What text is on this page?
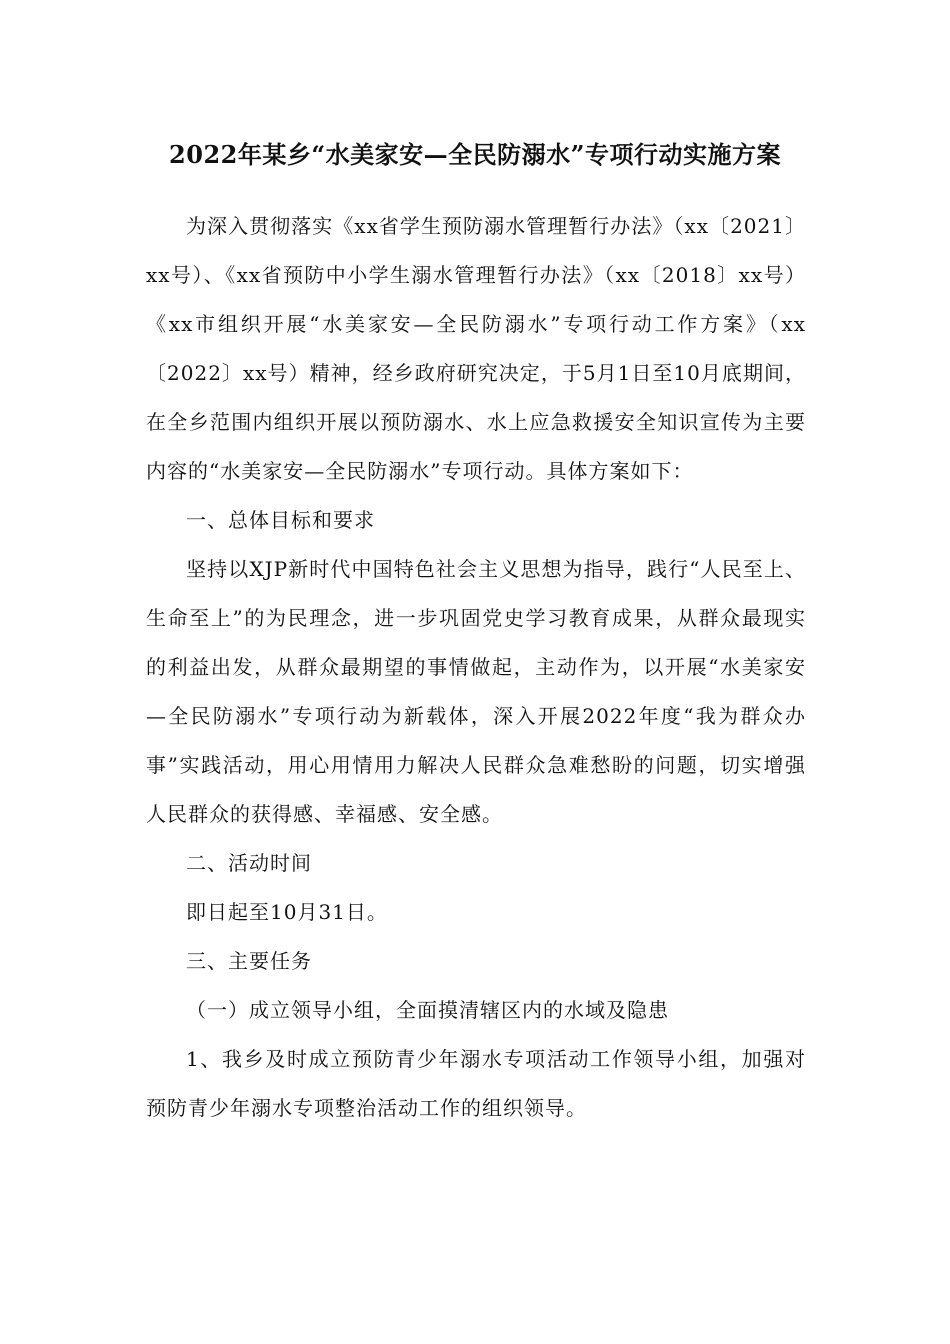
2022年某乡“水美家安—全民防溺水”专项行动实施方案

为深入贯彻落实《xx省学生预防溺水管理暂行办法》（xx〔2021〕xx号）、《xx省预防中小学生溺水管理暂行办法》（xx〔2018〕xx号）《xx市组织开展“水美家安—全民防溺水”专项行动工作方案》（xx〔2022〕xx号）精神，经乡政府研究决定，于5月1日至10月底期间，在全乡范围内组织开展以预防溺水、水上应急救援安全知识宣传为主要内容的“水美家安—全民防溺水”专项行动。具体方案如下：

一、总体目标和要求

坚持以XJP新时代中国特色社会主义思想为指导，践行“人民至上、生命至上”的为民理念，进一步巩固党史学习教育成果，从群众最现实的利益出发，从群众最期望的事情做起，主动作为，以开展“水美家安—全民防溺水”专项行动为新载体，深入开展2022年度“我为群众办事”实践活动，用心用情用力解决人民群众急难愁盼的问题，切实增强人民群众的获得感、幸福感、安全感。

二、活动时间

即日起至10月31日。

三、主要任务

（一）成立领导小组，全面摸清辖区内的水域及隐患

1、我乡及时成立预防青少年溺水专项活动工作领导小组，加强对预防青少年溺水专项整治活动工作的组织领导。
